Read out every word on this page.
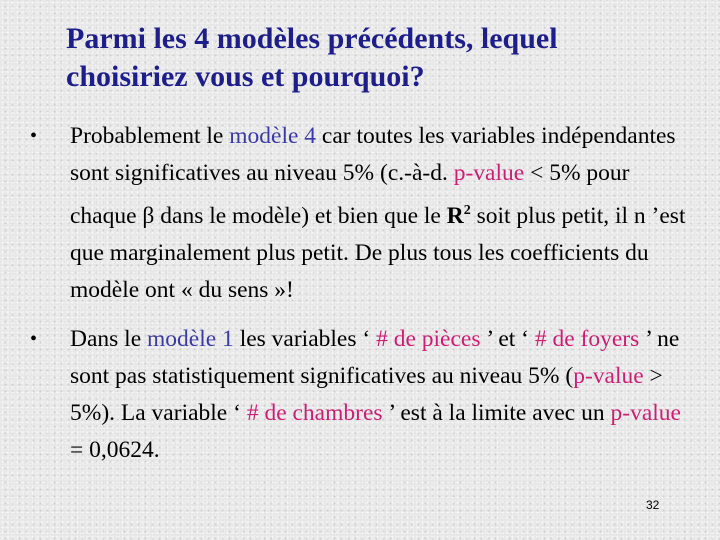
Parmi les 4 modèles précédents, lequel
choisiriez vous et pourquoi?
• Probablement le modèle 4 car toutes les variables indépendantes sont significatives au niveau 5% (c.-à-d. p-value < 5% pour chaque β dans le modèle) et bien que le $R^2$ soit plus petit, il n ’est que marginalement plus petit. De plus tous les coefficients du modèle ont « du sens »!
• Dans le modèle 1 les variables ‘ # de pièces ’ et ‘ # de foyers ’ ne sont pas statistiquement significatives au niveau 5% (p-value > 5%). La variable ‘ # de chambres ’ est à la limite avec un p-value = 0,0624.
32
